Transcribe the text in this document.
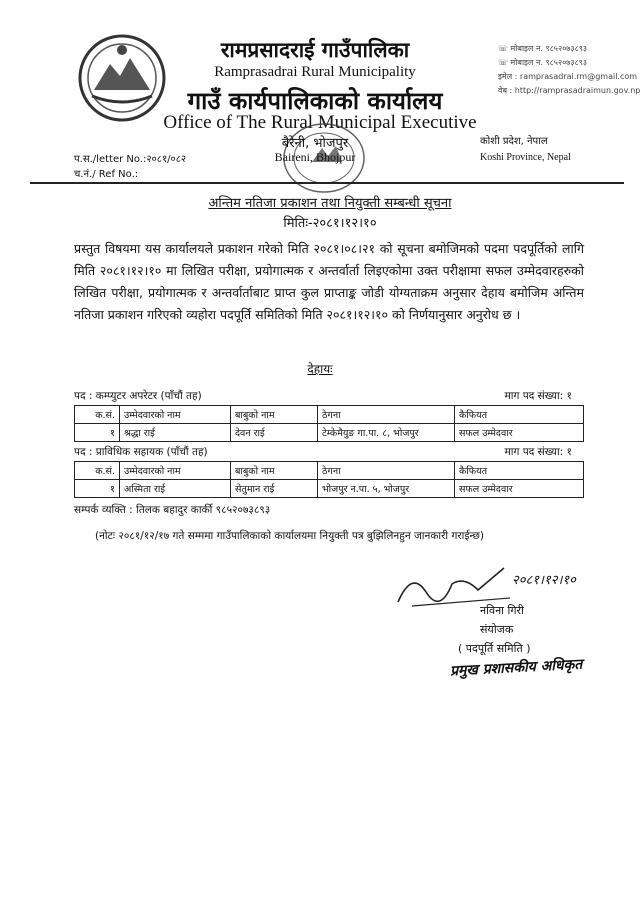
रामप्रसादराई गाउँपालिका
Ramprasadrai Rural Municipality
गाउँ कार्यपालिकाको कार्यालय
Office of The Rural Municipal Executive
बैरेनी, भोजपुर
Baireni, Bhojpur
☏ मोबाइल न. ९८५२०७३८९३
☏ मोबाइल न. ९८५२०७३८९३
इमेल : ramprasadrai.rm@gmail.com
वेब : http://ramprasadraimun.gov.np
कोशी प्रदेश, नेपाल
Koshi Province, Nepal
प.स./letter No.:२०८१/०८२
च.नं./ Ref No.:
अन्तिम नतिजा प्रकाशन तथा नियुक्ती सम्बन्धी सूचना
मितिः-२०८१।१२।१०
प्रस्तुत विषयमा यस कार्यालयले प्रकाशन गरेको मिति २०८१।०८।२१ को सूचना बमोजिमको पदमा पदपूर्तिको लागि मिति २०८१।१२।१० मा लिखित परीक्षा, प्रयोगात्मक र अन्तर्वार्ता लिइएकोमा उक्त परीक्षामा सफल उम्मेदवारहरुको लिखित परीक्षा, प्रयोगात्मक र अन्तर्वार्ताबाट प्राप्त कुल प्राप्ताङ्क जोडी योग्यताक्रम अनुसार देहाय बमोजिम अन्तिम नतिजा प्रकाशन गरिएको व्यहोरा पदपूर्ति समितिको मिति २०८१।१२।१० को निर्णयानुसार अनुरोध छ ।
देहायः
पद : कम्प्युटर अपरेटर (पाँचौं तह)	माग पद संख्या: १
क.सं.	उम्मेदवारको नाम	बाबुको नाम	ठेगना	कैफियत
१	श्रद्धा राई	देवन राई	टेम्केमैयुङ गा.पा. ८, भोजपुर	सफल उम्मेदवार
पद : प्राविधिक सहायक (पाँचौं तह)	माग पद संख्या: १
क.सं.	उम्मेदवारको नाम	बाबुको नाम	ठेगना	कैफियत
१	अस्मिता राई	सेतुमान राई	भोजपुर न.पा. ५, भोजपुर	सफल उम्मेदवार
सम्पर्क व्यक्ति : तिलक बहादुर कार्की ९८५२०७३८९३
(नोटः २०८१/१२/१७ गते सम्ममा गाउँपालिकाको कार्यालयमा नियुक्ती पत्र बुझिलिनहुन जानकारी गराईन्छ)
२०८१।१२।१०
नविना गिरी
संयोजक
( पदपूर्ति समिति )
प्रमुख प्रशासकीय अधिकृत
